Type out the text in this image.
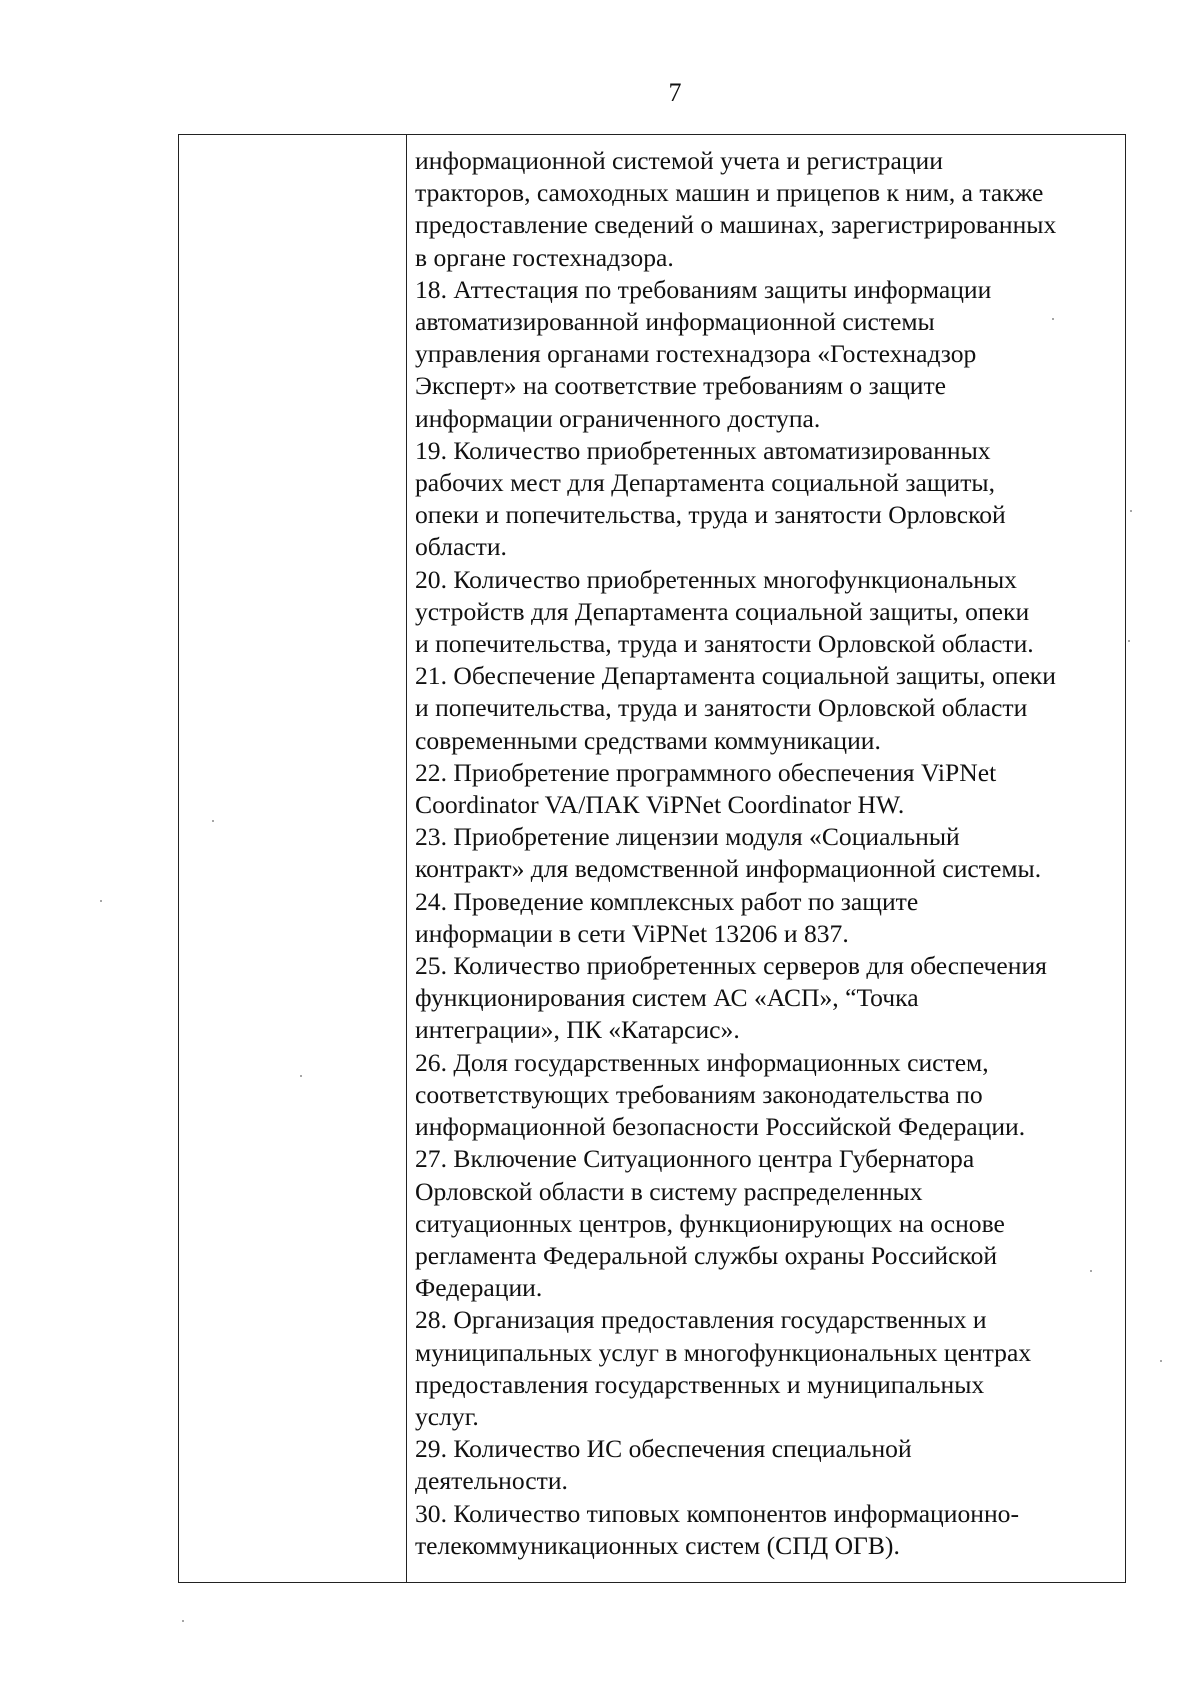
7
информационной системой учета и регистрации
тракторов, самоходных машин и прицепов к ним, а также
предоставление сведений о машинах, зарегистрированных
в органе гостехнадзора.
18. Аттестация по требованиям защиты информации
автоматизированной информационной системы
управления органами гостехнадзора «Гостехнадзор
Эксперт» на соответствие требованиям о защите
информации ограниченного доступа.
19. Количество приобретенных автоматизированных
рабочих мест для Департамента социальной защиты,
опеки и попечительства, труда и занятости Орловской
области.
20. Количество приобретенных многофункциональных
устройств для Департамента социальной защиты, опеки
и попечительства, труда и занятости Орловской области.
21. Обеспечение Департамента социальной защиты, опеки
и попечительства, труда и занятости Орловской области
современными средствами коммуникации.
22. Приобретение программного обеспечения ViPNet
Coordinator VA/ПАК ViPNet Coordinator HW.
23. Приобретение лицензии модуля «Социальный
контракт» для ведомственной информационной системы.
24. Проведение комплексных работ по защите
информации в сети ViPNet 13206 и 837.
25. Количество приобретенных серверов для обеспечения
функционирования систем АС «АСП», “Точка
интеграции», ПК «Катарсис».
26. Доля государственных информационных систем,
соответствующих требованиям законодательства по
информационной безопасности Российской Федерации.
27. Включение Ситуационного центра Губернатора
Орловской области в систему распределенных
ситуационных центров, функционирующих на основе
регламента Федеральной службы охраны Российской
Федерации.
28. Организация предоставления государственных и
муниципальных услуг в многофункциональных центрах
предоставления государственных и муниципальных
услуг.
29. Количество ИС обеспечения специальной
деятельности.
30. Количество типовых компонентов информационно-
телекоммуникационных систем (СПД ОГВ).
